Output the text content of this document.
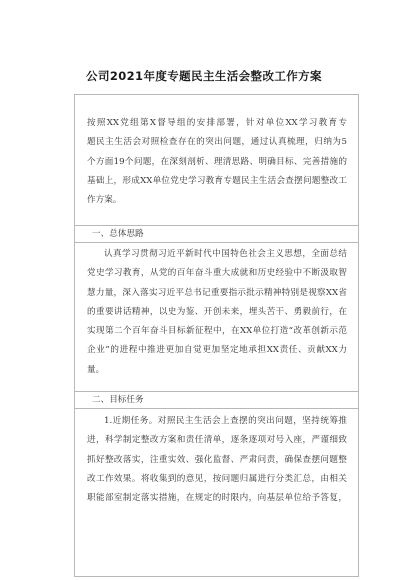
公司2021年度专题民主生活会整改工作方案
按照XX党组第X督导组的安排部署，针对单位XX学习教育专
题民主生活会对照检查存在的突出问题，通过认真梳理，归纳为5
个方面19个问题，在深刻剖析、理清思路、明确目标、完善措施的
基础上，形成XX单位党史学习教育专题民主生活会查摆问题整改工
作方案。
一、总体思路
认真学习贯彻习近平新时代中国特色社会主义思想，全面总结
党史学习教育，从党的百年奋斗重大成就和历史经验中不断汲取智
慧力量，深入落实习近平总书记重要指示批示精神特别是视察XX省
的重要讲话精神，以史为鉴、开创未来，埋头苦干、勇毅前行，在
实现第二个百年奋斗目标新征程中，在XX单位打造“改革创新示范
企业”的进程中推进更加自觉更加坚定地承担XX责任、贡献XX力
量。
二、目标任务
1.近期任务。对照民主生活会上查摆的突出问题，坚持统筹推
进，科学制定整改方案和责任清单，逐条逐项对号入座，严谨细致
抓好整改落实，注重实效、强化监督、严肃问责，确保查摆问题整
改工作效果。将收集到的意见，按问题归属进行分类汇总，由相关
职能部室制定落实措施，在规定的时限内，向基层单位给予答复，
